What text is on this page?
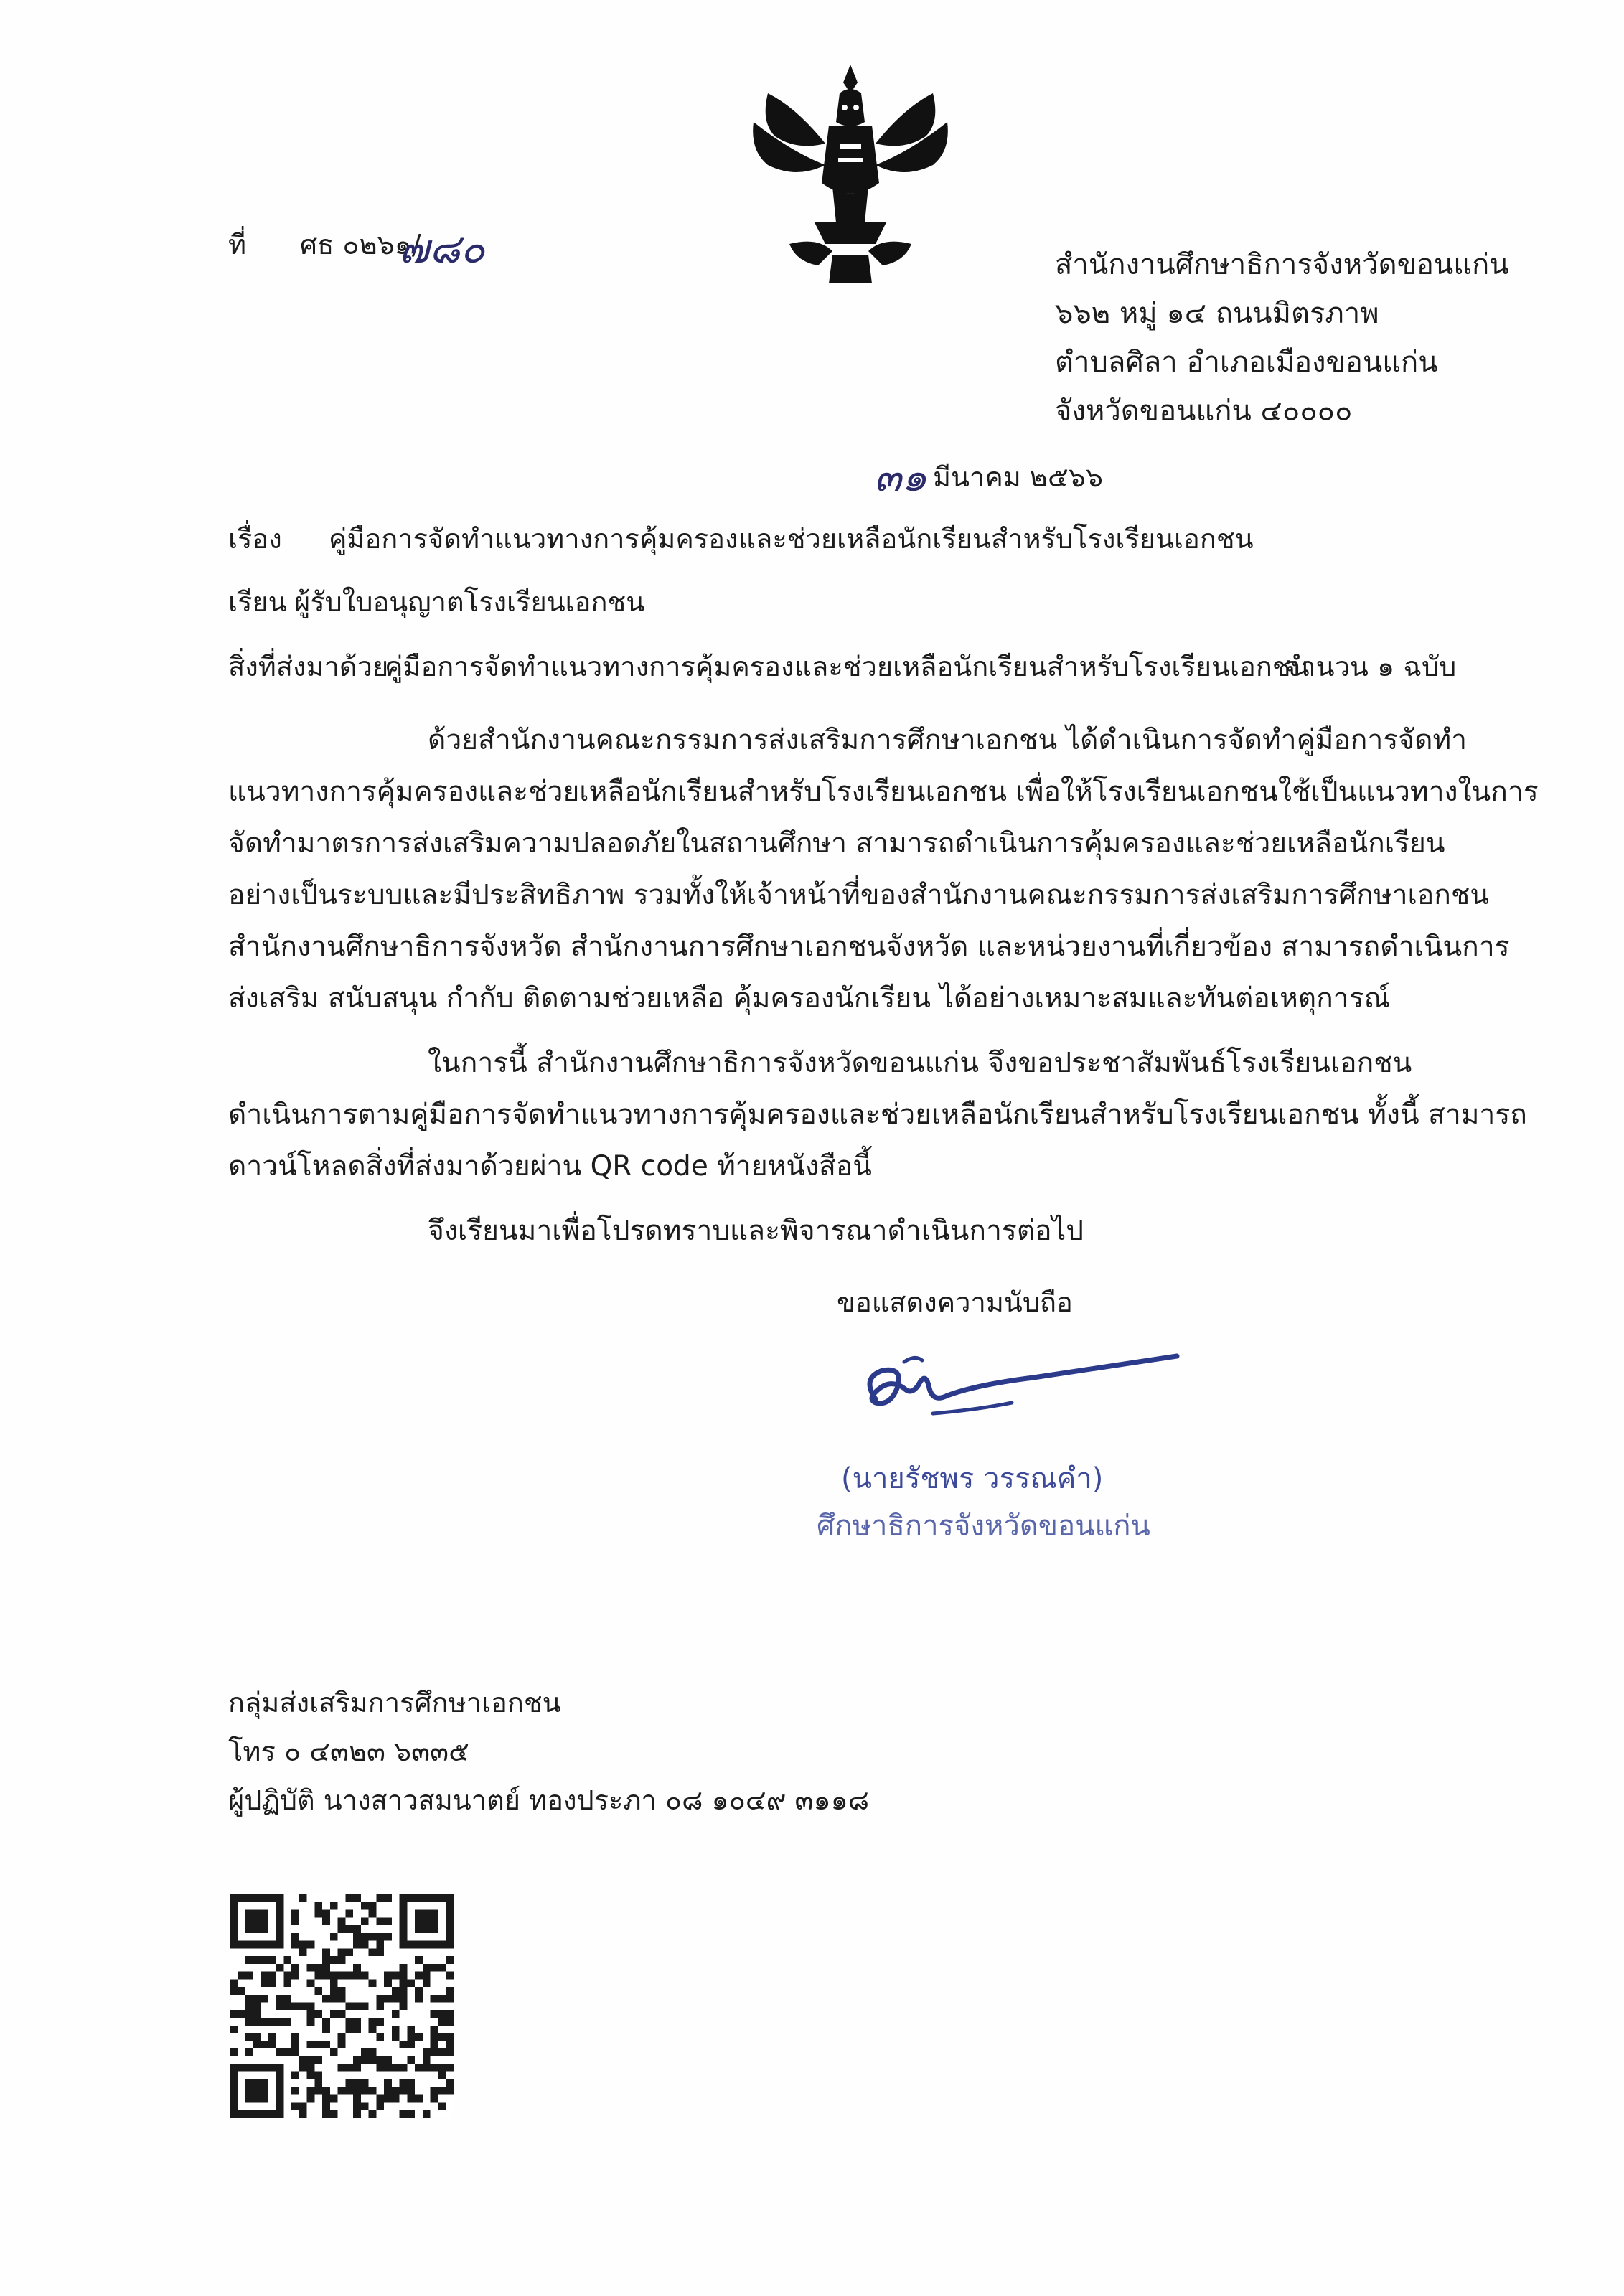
ที่ ศธ ๐๒๖๑/
๗๘๐	สำนักงานศึกษาธิการจังหวัดขอนแก่น
๖๖๒ หมู่ ๑๔ ถนนมิตรภาพ
ตำบลศิลา อำเภอเมืองขอนแก่น
จังหวัดขอนแก่น ๔๐๐๐๐
๓๑ มีนาคม ๒๕๖๖
เรื่อง คู่มือการจัดทำแนวทางการคุ้มครองและช่วยเหลือนักเรียนสำหรับโรงเรียนเอกชน
เรียน ผู้รับใบอนุญาตโรงเรียนเอกชน
สิ่งที่ส่งมาด้วย
คู่มือการจัดทำแนวทางการคุ้มครองและช่วยเหลือนักเรียนสำหรับโรงเรียนเอกชน
จำนวน ๑ ฉบับ
ด้วยสำนักงานคณะกรรมการส่งเสริมการศึกษาเอกชน ได้ดำเนินการจัดทำคู่มือการจัดทำ
แนวทางการคุ้มครองและช่วยเหลือนักเรียนสำหรับโรงเรียนเอกชน เพื่อให้โรงเรียนเอกชนใช้เป็นแนวทางในการ
จัดทำมาตรการส่งเสริมความปลอดภัยในสถานศึกษา สามารถดำเนินการคุ้มครองและช่วยเหลือนักเรียน
อย่างเป็นระบบและมีประสิทธิภาพ รวมทั้งให้เจ้าหน้าที่ของสำนักงานคณะกรรมการส่งเสริมการศึกษาเอกชน
สำนักงานศึกษาธิการจังหวัด สำนักงานการศึกษาเอกชนจังหวัด และหน่วยงานที่เกี่ยวข้อง สามารถดำเนินการ
ส่งเสริม สนับสนุน กำกับ ติดตามช่วยเหลือ คุ้มครองนักเรียน ได้อย่างเหมาะสมและทันต่อเหตุการณ์
ในการนี้ สำนักงานศึกษาธิการจังหวัดขอนแก่น จึงขอประชาสัมพันธ์โรงเรียนเอกชน
ดำเนินการตามคู่มือการจัดทำแนวทางการคุ้มครองและช่วยเหลือนักเรียนสำหรับโรงเรียนเอกชน ทั้งนี้ สามารถ
ดาวน์โหลดสิ่งที่ส่งมาด้วยผ่าน QR code ท้ายหนังสือนี้
จึงเรียนมาเพื่อโปรดทราบและพิจารณาดำเนินการต่อไป
ขอแสดงความนับถือ
(นายรัชพร วรรณคำ)
ศึกษาธิการจังหวัดขอนแก่น
กลุ่มส่งเสริมการศึกษาเอกชน
โทร ๐ ๔๓๒๓ ๖๓๓๕
ผู้ปฏิบัติ นางสาวสมนาตย์ ทองประภา ๐๘ ๑๐๔๙ ๓๑๑๘
